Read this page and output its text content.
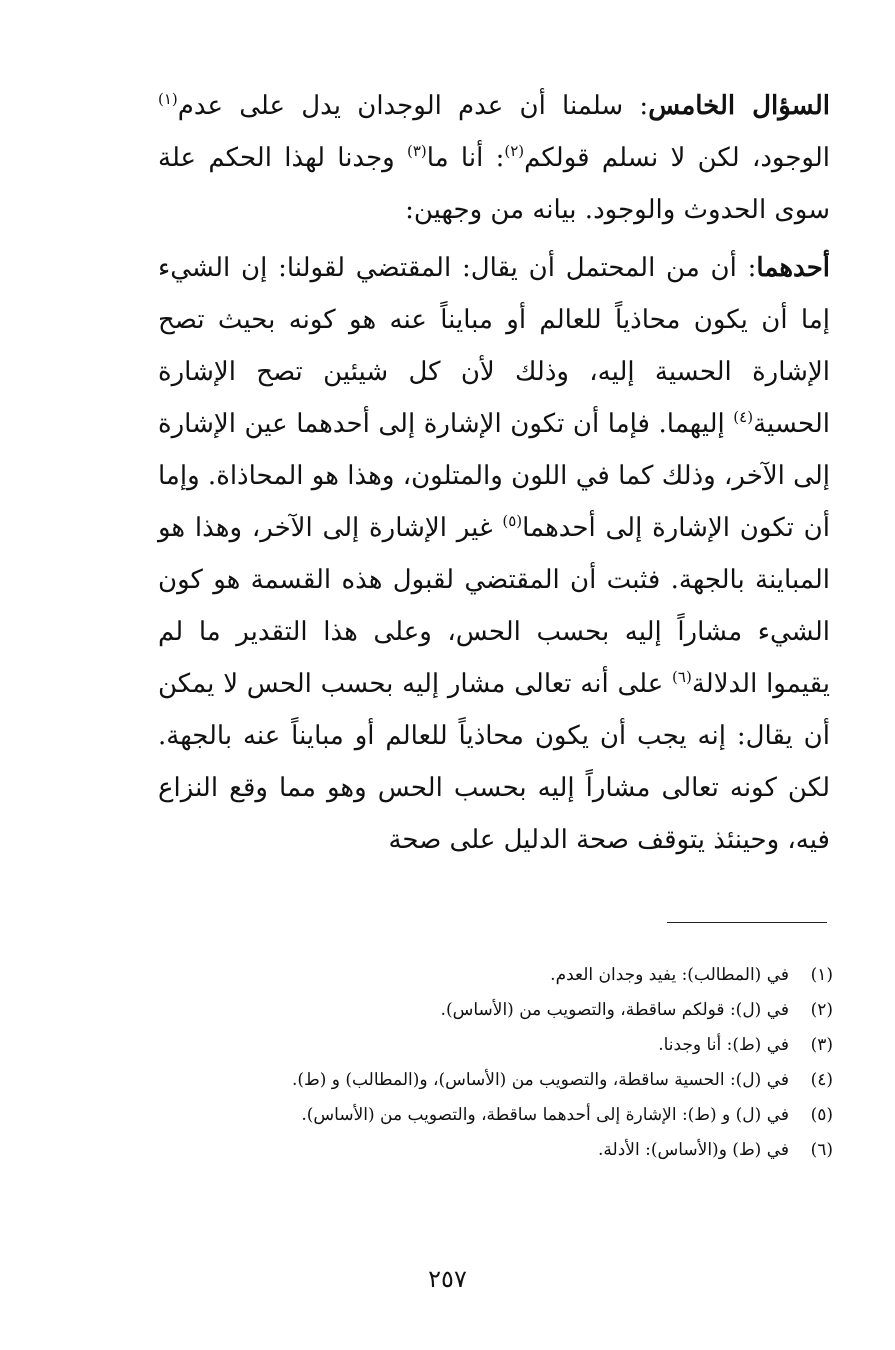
السؤال الخامس: سلمنا أن عدم الوجدان يدل على عدم$^{(١)}$ الوجود، لكن لا نسلم قولكم$^{(٢)}$: أنا ما$^{(٣)}$ وجدنا لهذا الحكم علة سوى الحدوث والوجود. بيانه من وجهين:

أحدهما: أن من المحتمل أن يقال: المقتضي لقولنا: إن الشيء إما أن يكون محاذياً للعالم أو مبايناً عنه هو كونه بحيث تصح الإشارة الحسية إليه، وذلك لأن كل شيئين تصح الإشارة الحسية$^{(٤)}$ إليهما. فإما أن تكون الإشارة إلى أحدهما عين الإشارة إلى الآخر، وذلك كما في اللون والمتلون، وهذا هو المحاذاة. وإما أن تكون الإشارة إلى أحدهما$^{(٥)}$ غير الإشارة إلى الآخر، وهذا هو المباينة بالجهة. فثبت أن المقتضي لقبول هذه القسمة هو كون الشيء مشاراً إليه بحسب الحس، وعلى هذا التقدير ما لم يقيموا الدلالة$^{(٦)}$ على أنه تعالى مشار إليه بحسب الحس لا يمكن أن يقال: إنه يجب أن يكون محاذياً للعالم أو مبايناً عنه بالجهة. لكن كونه تعالى مشاراً إليه بحسب الحس وهو مما وقع النزاع فيه، وحينئذ يتوقف صحة الدليل على صحة

(١)
في (المطالب): يفيد وجدان العدم.
(٢)
في (ل): قولكم ساقطة، والتصويب من (الأساس).
(٣)
في (ط): أنا وجدنا.
(٤)
في (ل): الحسية ساقطة، والتصويب من (الأساس)، و(المطالب) و (ط).
(٥)
في (ل) و (ط): الإشارة إلى أحدهما ساقطة، والتصويب من (الأساس).
(٦)
في (ط) و(الأساس): الأدلة.
٢٥٧
